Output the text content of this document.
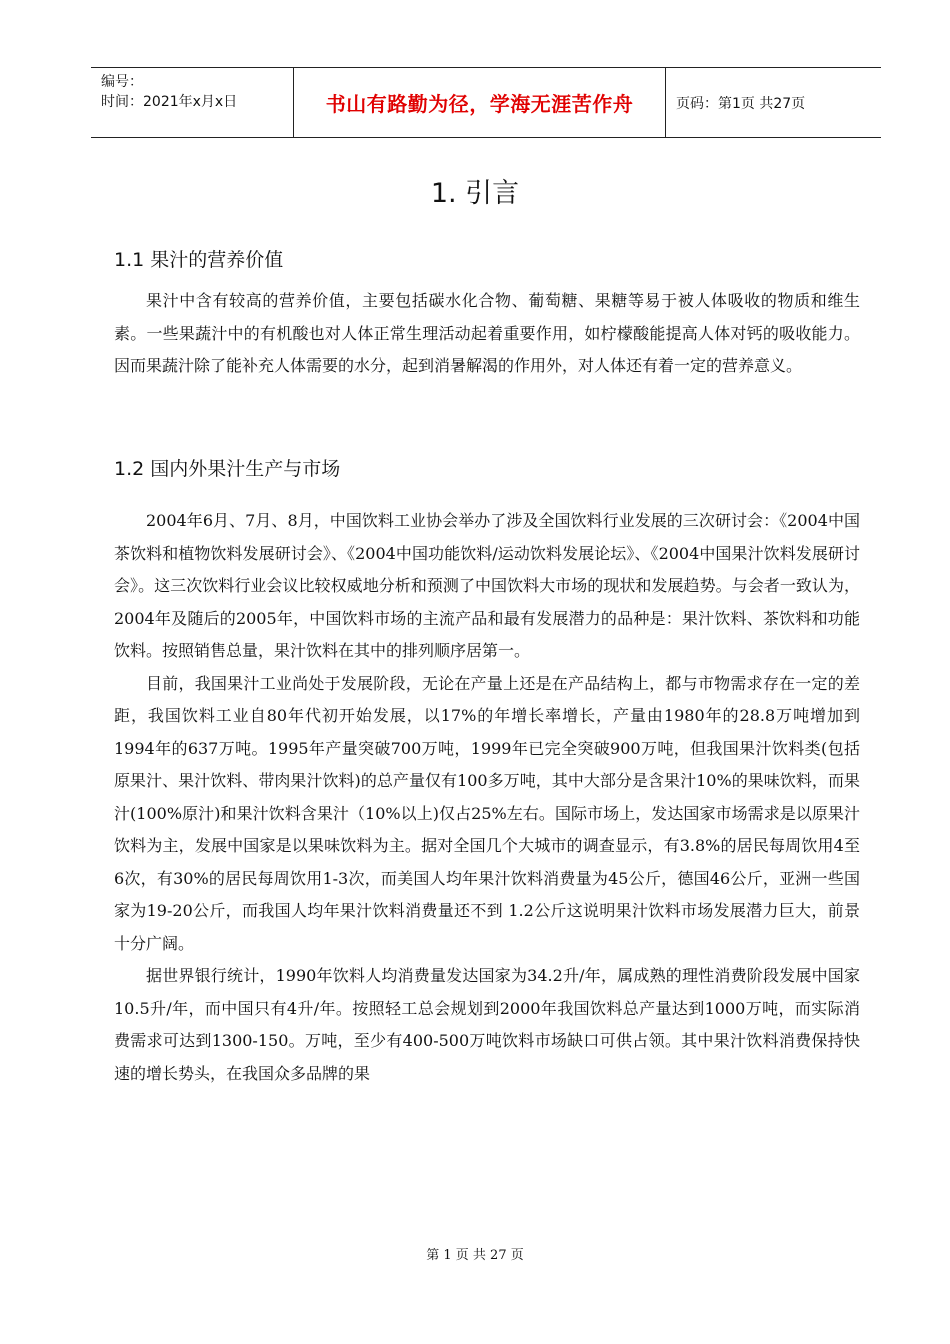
编号：
时间：2021年x月x日	书山有路勤为径，学海无涯苦作舟	页码：第1页 共27页
1. 引言
1.1 果汁的营养价值

果汁中含有较高的营养价值，主要包括碳水化合物、葡萄糖、果糖等易于被人体吸收的物质和维生素。一些果蔬汁中的有机酸也对人体正常生理活动起着重要作用，如柠檬酸能提高人体对钙的吸收能力。因而果蔬汁除了能补充人体需要的水分，起到消暑解渴的作用外，对人体还有着一定的营养意义。

1.2 国内外果汁生产与市场

2004年6月、7月、8月，中国饮料工业协会举办了涉及全国饮料行业发展的三次研讨会：《2004中国茶饮料和植物饮料发展研讨会》、《2004中国功能饮料/运动饮料发展论坛》、《2004中国果汁饮料发展研讨会》。这三次饮料行业会议比较权威地分析和预测了中国饮料大市场的现状和发展趋势。与会者一致认为，2004年及随后的2005年，中国饮料市场的主流产品和最有发展潜力的品种是：果汁饮料、茶饮料和功能饮料。按照销售总量，果汁饮料在其中的排列顺序居第一。

目前，我国果汁工业尚处于发展阶段，无论在产量上还是在产品结构上，都与市物需求存在一定的差距，我国饮料工业自80年代初开始发展，以17%的年增长率增长，产量由1980年的28.8万吨增加到1994年的637万吨。1995年产量突破700万吨，1999年已完全突破900万吨，但我国果汁饮料类(包括原果汁、果汁饮料、带肉果汁饮料)的总产量仅有100多万吨，其中大部分是含果汁10%的果味饮料，而果汁(100%原汁)和果汁饮料含果汁（10%以上)仅占25%左右。国际市场上，发达国家市场需求是以原果汁饮料为主，发展中国家是以果味饮料为主。据对全国几个大城市的调查显示，有3.8%的居民每周饮用4至6次，有30%的居民每周饮用1-3次，而美国人均年果汁饮料消费量为45公斤，德国46公斤，亚洲一些国家为19-20公斤，而我国人均年果汁饮料消费量还不到 1.2公斤这说明果汁饮料市场发展潜力巨大，前景十分广阔。

据世界银行统计，1990年饮料人均消费量发达国家为34.2升/年，属成熟的理性消费阶段发展中国家10.5升/年，而中国只有4升/年。按照轻工总会规划到2000年我国饮料总产量达到1000万吨，而实际消费需求可达到1300-150。万吨，至少有400-500万吨饮料市场缺口可供占领。其中果汁饮料消费保持快速的增长势头，在我国众多品牌的果

第 1 页 共 27 页
